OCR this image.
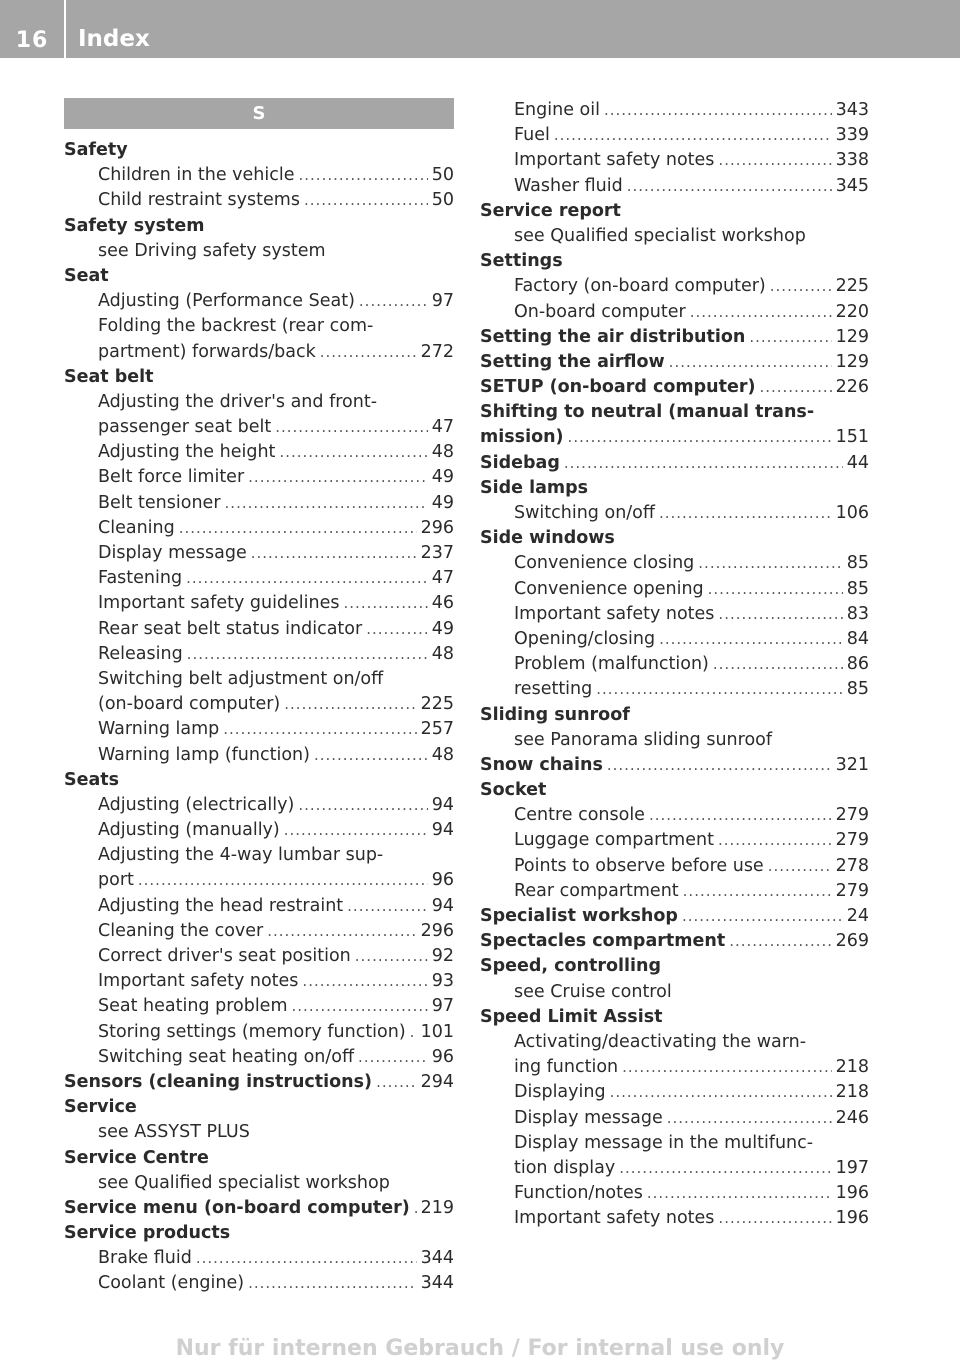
16	Index
S
Safety
Children in the vehicle .....	50
Child restraint systems .....	50
Safety system
see Driving safety system
Seat
Adjusting (Performance Seat) .....	97
Folding the backrest (rear com-
partment) forwards/back .....	272
Seat belt
Adjusting the driver's and front-
passenger seat belt .....	47
Adjusting the height .....	48
Belt force limiter .....	49
Belt tensioner .....	49
Cleaning .....	296
Display message .....	237
Fastening .....	47
Important safety guidelines .....	46
Rear seat belt status indicator .....	49
Releasing .....	48
Switching belt adjustment on/off
(on-board computer) .....	225
Warning lamp .....	257
Warning lamp (function) .....	48
Seats
Adjusting (electrically) .....	94
Adjusting (manually) .....	94
Adjusting the 4-way lumbar sup-
port .....	96
Adjusting the head restraint .....	94
Cleaning the cover .....	296
Correct driver's seat position .....	92
Important safety notes .....	93
Seat heating problem .....	97
Storing settings (memory function) ..... 101
Switching seat heating on/off .....	96
Sensors (cleaning instructions) .....	294
Service
see ASSYST PLUS
Service Centre
see Qualified specialist workshop
Service menu (on-board computer) ..... 219
Service products
Brake fluid .....	344
Coolant (engine) .....	344
Engine oil .....	343
Fuel .....	339
Important safety notes .....	338
Washer fluid .....	345
Service report
see Qualified specialist workshop
Settings
Factory (on-board computer) .....	225
On-board computer .....	220
Setting the air distribution .....	129
Setting the airflow .....	129
SETUP (on-board computer) .....	226
Shifting to neutral (manual trans-
mission) .....	151
Sidebag .....	44
Side lamps
Switching on/off .....	106
Side windows
Convenience closing .....	85
Convenience opening .....	85
Important safety notes .....	83
Opening/closing .....	84
Problem (malfunction) .....	86
resetting .....	85
Sliding sunroof
see Panorama sliding sunroof
Snow chains .....	321
Socket
Centre console .....	279
Luggage compartment .....	279
Points to observe before use .....	278
Rear compartment .....	279
Specialist workshop .....	24
Spectacles compartment .....	269
Speed, controlling
see Cruise control
Speed Limit Assist
Activating/deactivating the warn-
ing function .....	218
Displaying .....	218
Display message .....	246
Display message in the multifunc-
tion display .....	197
Function/notes .....	196
Important safety notes .....	196
Nur für internen Gebrauch / For internal use only
